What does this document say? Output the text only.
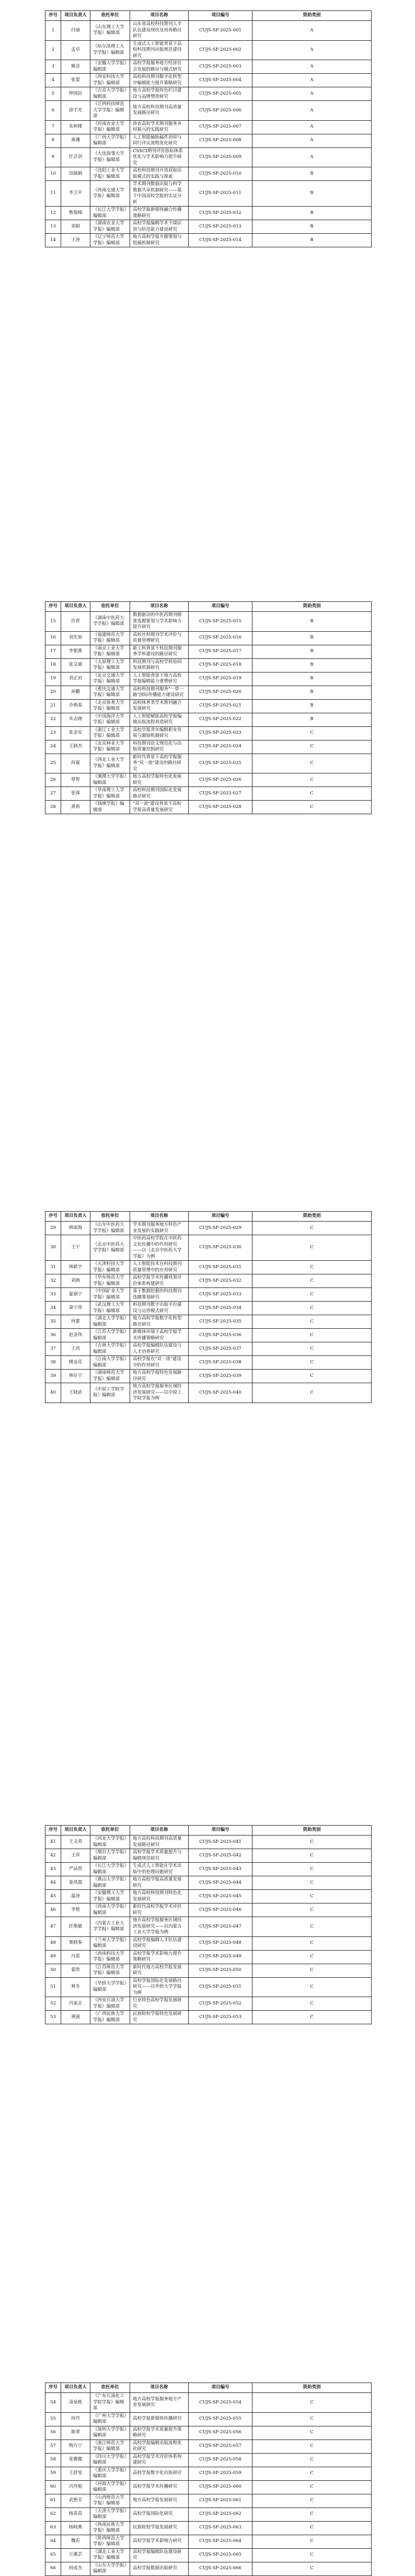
序号	项目负责人	依托单位	项目名称	项目编号	资助类别
1	付丽	《山东理工大学学报》编辑部	山东省高校科技期刊人才队伍建设现状及培养路径研究	CUJS-SF-2025-001	A
2	孟卓	《哈尔滨理工大学学报》编辑部	生成式人工智能背景下高校科技期刊出版规范建设研究	CUJS-SF-2025-002	A
3	姚彦	《安徽大学学报》编辑部	高校学报服务地方经济社会发展的路径与模式研究	CUJS-SF-2025-003	A
4	张蕾	《西安科技大学学报》编辑部	高校科技期刊数字化转型中编辑能力提升策略研究	CUJS-SF-2025-004	A
5	钟国民	《吉首大学学报》编辑部	地方高校学报特色栏目建设与品牌塑造研究	CUJS-SF-2025-005	A
6	徐宇光	《江西科技师范大学学报》编辑部	地方高校科技期刊高质量发展路径研究	CUJS-SF-2025-006	A
7	朱树楼	《河南农业大学学报》编辑部	涉农高校学术期刊服务乡村振兴的实践研究	CUJS-SF-2025-007	A
8	黄珊	《广西大学学报》编辑部	人工智能辅助稿件初审与同行评议流程优化研究	CUJS-SF-2025-008	A
9	任会剑	《大连海事大学学报》编辑部	CSSCI期刊评价指标体系优化与学术影响力提升研究	CUJS-SF-2025-009	A
10	田丽娟	《沈阳工业大学学报》编辑部	高校科技期刊开放获取出版模式的实践与探索	CUJS-SF-2025-010	B
11	李卫平	《西南交通大学学报》编辑部	学术期刊数据出版与科学数据共享机制研究——基于中国高校学报的实证分析	CUJS-SF-2025-011	B
12	熊俊峰	《长江大学学报》编辑部	高校学报新媒体融合传播策略研究	CUJS-SF-2025-012	B
13	刘娟	《湖南农业大学学报》编辑部	高校学报编辑学术不端识别与防范能力建设研究	CUJS-SF-2025-013	B
14	于涛	《辽宁师范大学学报》编辑部	地方高校学报专题策划与组稿机制研究	CUJS-SF-2025-014	B
序号	项目负责人	依托单位	项目名称	项目编号	资助类别
15	许晋	《湖南中医药大学学报》编辑部	数据驱动的中医药期刊精准选题策划与学术影响力提升研究	CUJS-SF-2025-015	B
16	刘先知	《福建师范大学学报》编辑部	高校社科期刊学术评价与质量管理研究	CUJS-SF-2025-016	B
17	李银燕	《南京工业大学学报》编辑部	新工科背景下科技期刊服务学科建设的路径研究	CUJS-SF-2025-017	B
18	张文斌	《太原理工大学学报》编辑部	科技期刊与高校学科协同发展机制研究	CUJS-SF-2025-018	B
19	刘正岩	《北京交通大学学报》编辑部	人工智能背景下地方高校学报编辑能力重塑研究	CUJS-SF-2025-019	B
20	孙鹏	《重庆交通大学学报》编辑部	高校科技期刊服务"一带一路"国际传播能力建设研究	CUJS-SF-2025-020	B
21	乔艳春	《北京体育大学学报》编辑部	高校体育类学术期刊融合发展研究	CUJS-SF-2025-021	B
22	朱志刚	《中国海洋大学学报》编辑部	人工智能赋能高校学报编辑出版流程再造研究	CUJS-SF-2025-022	B
23	张金安	《浙江工业大学学报》编辑部	高校学报青年编辑职业发展与激励机制研究	CUJS-SF-2025-023	C
24	王晓杰	《北京林业大学学报》编辑部	科技期刊论文规范化与出版质量控制研究	CUJS-SF-2025-024	C
25	何嘉	《西北工业大学学报》编辑部	新时代背景下高校学报服务"双一流"建设的路径研究	CUJS-SF-2025-025	C
26	蔡智	《湘潭大学学报》编辑部	地方高校学报特色化发展研究	CUJS-SF-2025-026	C
27	张蓉	《华南理工大学学报》编辑部	高校科技期刊国际化发展路径研究	CUJS-SF-2025-027	C
28	黄莉	《钱塘学报》编辑部	"双一流"建设背景下高校学报高质量发展研究	CUJS-SF-2025-028	C
序号	项目负责人	依托单位	项目名称	项目编号	资助类别
29	韩琼海	《山东中医药大学学报》编辑部	学术期刊服务地方特色产业发展的实践研究	CUJS-SF-2025-029	C
30	王宁	《北京中医药大学学报》编辑部	中医药高校学报在中医药文化传播中的作用研究——以《北京中医药大学学报》为例	CUJS-SF-2025-030	C
31	林新宇	《天津科技大学学报》编辑部	人工智能技术在科技期刊质量管理中的应用研究	CUJS-SF-2025-031	C
32	刘润	《华东师范大学学报》编辑部	高校学报学术传播效果评价体系构建研究	CUJS-SF-2025-032	C
33	夏丽宁	《中国矿业大学学报》编辑部	基于数据挖掘的科技期刊选题策划研究	CUJS-SF-2025-033	C
34	秦宁萍	《武汉理工大学学报》编辑部	科技期刊数字出版平台建设与运营模式研究	CUJS-SF-2025-034	C
35	何蕾	《湖北大学学报》编辑部	地方高校学报数字化转型路径研究	CUJS-SF-2025-035	C
36	赵金伟	《江苏大学学报》编辑部	新媒体环境下高校学报学术传播策略研究	CUJS-SF-2025-036	C
37	王讯	《吉林大学学报》编辑部	高校学报编辑队伍建设与人才培养研究	CUJS-SF-2025-037	C
38	楼金花	《江南大学学报》编辑部	高校学报在"双一流"建设中的作用研究	CUJS-SF-2025-038	C
39	林往宁	《湖南师范大学学报》编辑部	地方高校学报特色发展路径研究	CUJS-SF-2025-039	C
40	王晓武	《中原工学院学报》编辑部	地方高校学报服务区域经济发展研究——以中原工学院学报为例	CUJS-SF-2025-040	C
序号	项目负责人	依托单位	项目名称	项目编号	资助类别
41	王文英	《河北大学学报》编辑部	地方高校科技期刊高质量发展路径研究	CUJS-SF-2025-041	C
42	王萍	《烟台大学学报》编辑部	高校学报学术质量提升与编辑规范研究	CUJS-SF-2025-042	C
43	严品然	《长江大学学报》编辑部	生成式人工智能在学术出版中的伦理问题研究	CUJS-SF-2025-043	C
44	姜凤霞	《燕山大学学报》编辑部	地方高校学报高质量发展研究	CUJS-SF-2025-044	C
45	温涛	《安徽理工大学学报》编辑部	地方高校科技期刊特色化发展研究	CUJS-SF-2025-045	C
46	李艳	《西南大学学报》编辑部	新时代高校学报学术评价研究	CUJS-SF-2025-046	C
47	任维敏	《内蒙古工业大学学报》编辑部	地方高校学报服务区域经济发展研究——以内蒙古工业大学学报为例	CUJS-SF-2025-047	C
48	栗晓春	《兰州大学学报》编辑部	高校学报编辑人才队伍建设研究	CUJS-SF-2025-048	C
49	冯雷	《西南科技大学学报》编辑部	高校学报学术影响力提升策略研究	CUJS-SF-2025-049	C
50	翟欣	《江苏师范大学学报》编辑部	新时代地方高校学报发展研究	CUJS-SF-2025-050	C
51	林冬	《华侨大学学报》编辑部	高校学报国际化发展路径研究——以华侨大学学报为例	CUJS-SF-2025-051	C
52	冯家志	《西安石油大学学报》编辑部	行业特色高校学报发展研究	CUJS-SF-2025-052	C
53	黄丽	《广西民族大学学报》编辑部	民族院校学报特色发展研究	CUJS-SF-2025-053	C
序号	项目负责人	依托单位	项目名称	项目编号	资助类别
54	凌泉栋	《广东石油化工学院学报》编辑部	地方高校学报服务地方产业发展研究	CUJS-SF-2025-054	C
55	何丹	《广州大学学报》编辑部	高校学报新媒体传播研究	CUJS-SF-2025-055	C
56	陈翠	《深圳大学学报》编辑部	高校学报学术质量提升策略研究	CUJS-SF-2025-056	C
57	陶方宁	《浙江师范大学学报》编辑部	高校学报编辑出版流程优化研究	CUJS-SF-2025-057	C
58	张雅娜	《四川大学学报》编辑部	高校学报学术评价体系构建研究	CUJS-SF-2025-058	C
59	王舒雯	《重庆大学学报》编辑部	高校学报数字化出版研究	CUJS-SF-2025-059	C
60	冯丹妮	《河海大学学报》编辑部	高校学报学术传播研究	CUJS-SF-2025-060	C
61	武艳芳	《山西师范大学学报》编辑部	地方高校学报发展研究	CUJS-SF-2025-061	C
62	杨苗苗	《天津大学学报》编辑部	高校学报国际化研究	CUJS-SF-2025-062	C
63	杨晓燕	《西南民族大学学报》编辑部	民族院校学报发展研究	CUJS-SF-2025-063	C
64	魏若	《陕西师范大学学报》编辑部	高校学报学术影响力研究	CUJS-SF-2025-064	C
65	万惠芸	《湖北工业大学学报》编辑部	高校学报编辑队伍建设研究	CUJS-SF-2025-065	C
66	何成杰	《山东大学学报》编辑部	高校学报数据出版研究	CUJS-SF-2025-066	C
